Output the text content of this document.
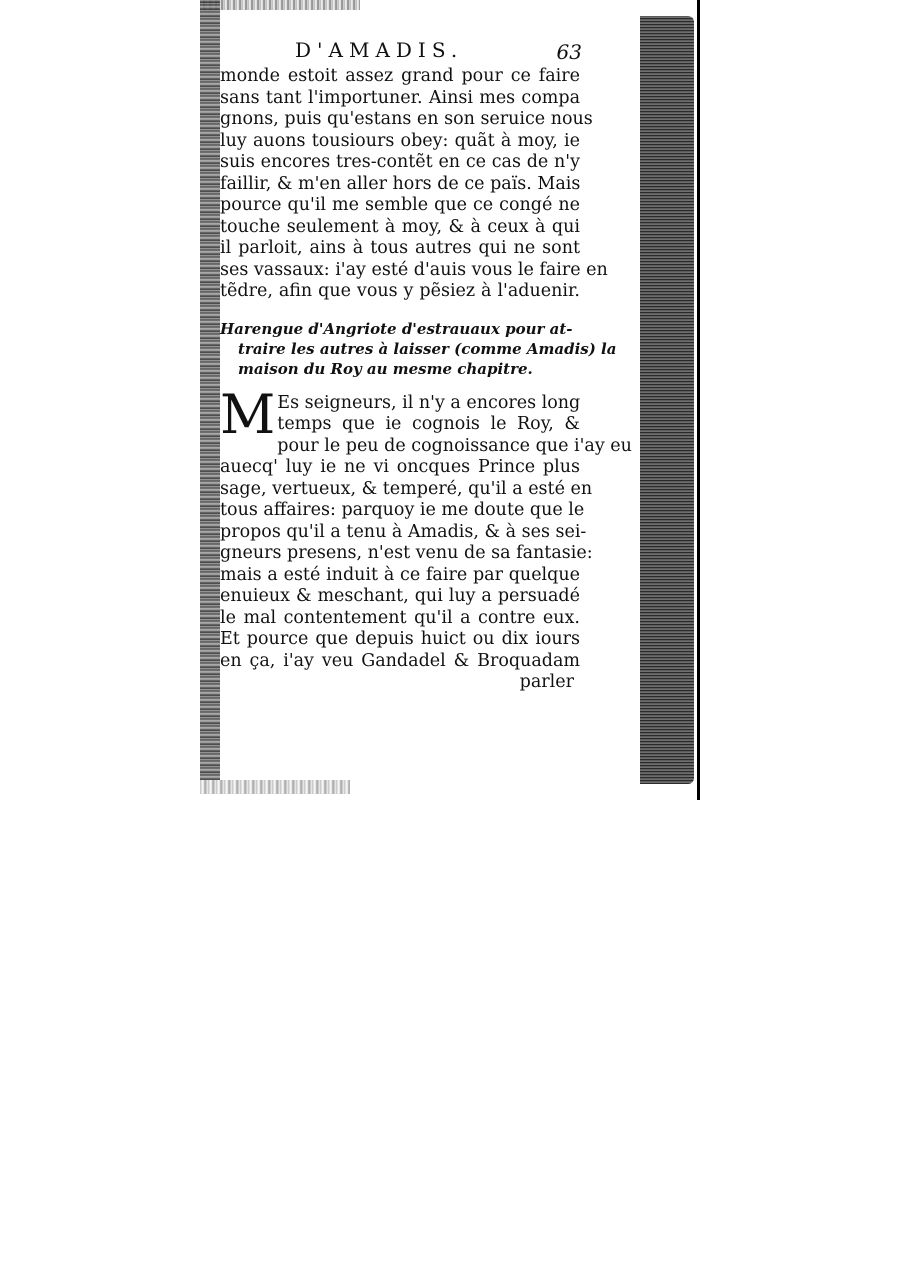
D'AMADIS.	63
monde estoit assez grand pour ce faire
sans tant l'importuner. Ainsi mes compa
gnons, puis qu'estans en son seruice nous
luy auons tousiours obey: quãt à moy, ie
suis encores tres-contẽt en ce cas de n'y
faillir, & m'en aller hors de ce païs. Mais
pource qu'il me semble que ce congé ne
touche seulement à moy, & à ceux à qui
il parloit, ains à tous autres qui ne sont
ses vassaux: i'ay esté d'auis vous le faire en
tẽdre, afin que vous y pẽsiez à l'aduenir.
Harengue d'Angriote d'estrauaux pour at-
traire les autres à laisser (comme Amadis) la
maison du Roy au mesme chapitre.
M Es seigneurs, il n'y a encores long
temps que ie cognois le Roy, &
pour le peu de cognoissance que i'ay eu
auecq' luy ie ne vi oncques Prince plus
sage, vertueux, & temperé, qu'il a esté en
tous affaires: parquoy ie me doute que le
propos qu'il a tenu à Amadis, & à ses sei-
gneurs presens, n'est venu de sa fantasie:
mais a esté induit à ce faire par quelque
enuieux & meschant, qui luy a persuadé
le mal contentement qu'il a contre eux.
Et pource que depuis huict ou dix iours
en ça, i'ay veu Gandadel & Broquadam
parler
